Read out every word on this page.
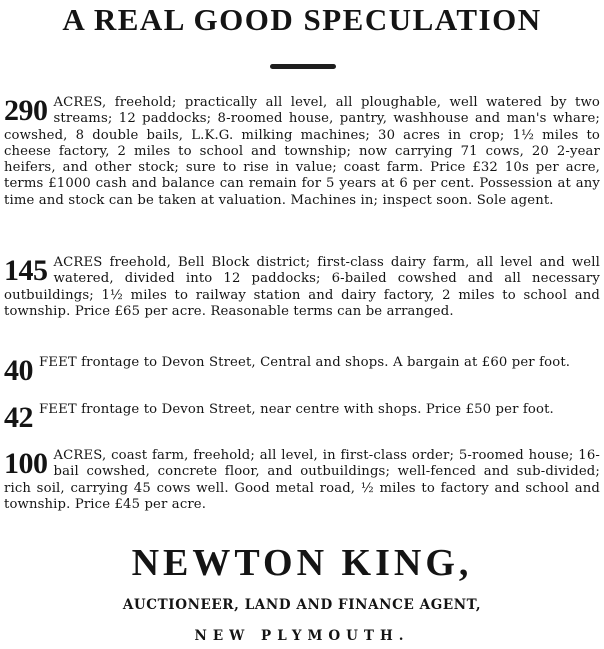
A REAL GOOD SPECULATION
290 ACRES, freehold; practically all level, all ploughable, well watered by two streams; 12 paddocks; 8-roomed house, pantry, washhouse and man's whare; cowshed, 8 double bails, L.K.G. milking machines; 30 acres in crop; 1½ miles to cheese factory, 2 miles to school and township; now carrying 71 cows, 20 2-year heifers, and other stock; sure to rise in value; coast farm. Price £32 10s per acre, terms £1000 cash and balance can remain for 5 years at 6 per cent. Possession at any time and stock can be taken at valuation. Machines in; inspect soon. Sole agent.
145 ACRES freehold, Bell Block district; first-class dairy farm, all level and well watered, divided into 12 paddocks; 6-bailed cowshed and all necessary outbuildings; 1½ miles to railway station and dairy factory, 2 miles to school and township. Price £65 per acre. Reasonable terms can be arranged.
40 FEET frontage to Devon Street, Central and shops. A bargain at £60 per foot.
42 FEET frontage to Devon Street, near centre with shops. Price £50 per foot.
100 ACRES, coast farm, freehold; all level, in first-class order; 5-roomed house; 16-bail cowshed, concrete floor, and outbuildings; well-fenced and sub-divided; rich soil, carrying 45 cows well. Good metal road, ½ miles to factory and school and township. Price £45 per acre.
NEWTON KING,
AUCTIONEER, LAND AND FINANCE AGENT,
NEW PLYMOUTH.
